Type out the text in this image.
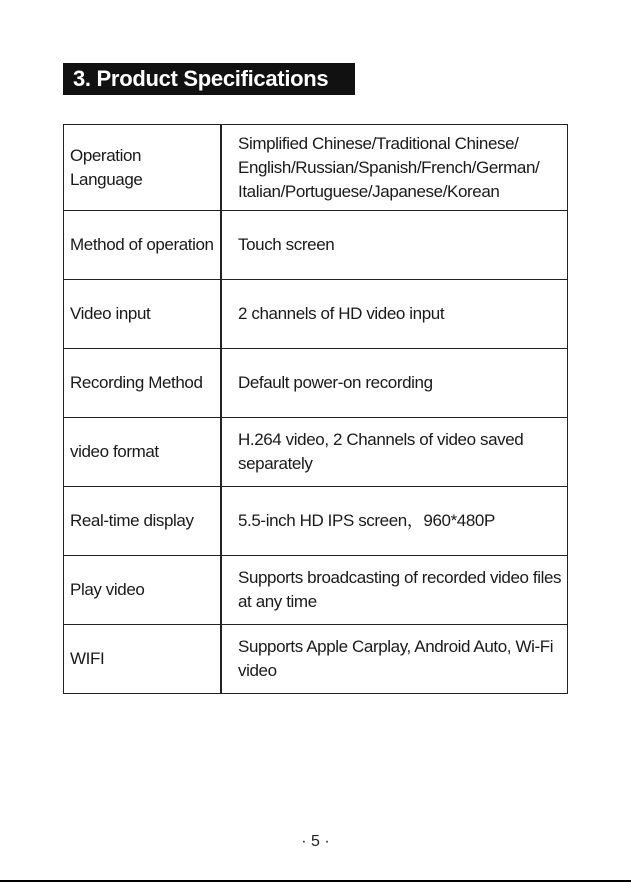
3. Product Specifications
Operation Language	Simplified Chinese/Traditional Chinese/ English/Russian/Spanish/French/German/ Italian/Portuguese/Japanese/Korean
Method of operation	Touch screen
Video input	2 channels of HD video input
Recording Method	Default power-on recording
video format	H.264 video, 2 Channels of video saved separately
Real-time display	5.5-inch HD IPS screen，960*480P
Play video	Supports broadcasting of recorded video files at any time
WIFI	Supports Apple Carplay, Android Auto, Wi-Fi video
· 5 ·
